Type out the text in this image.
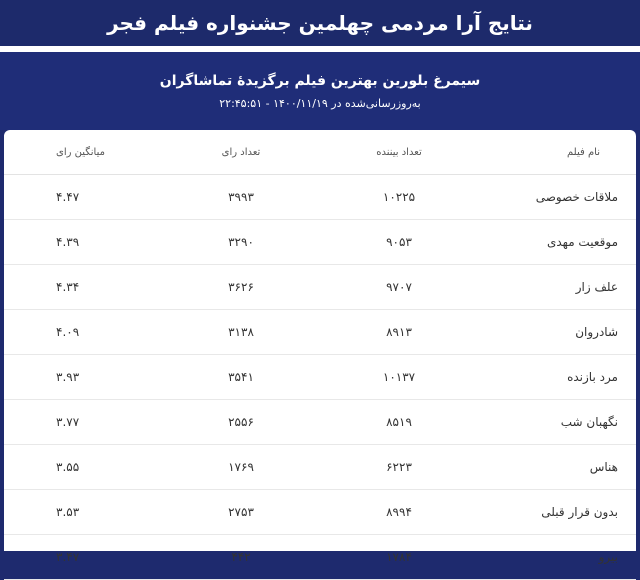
نتایج آرا مردمی چهلمین جشنواره فیلم فجر
سیمرغ بلورین بهترین فیلم برگزیدهٔ تماشاگران
به‌روزرسانی‌شده در ۱۴۰۰/۱۱/۱۹ - ۲۲:۴۵:۵۱
نام فیلم	تعداد بیننده	تعداد رای	میانگین رای
ملاقات خصوصی	۱۰۲۲۵	۳۹۹۳	۴.۴۷
موقعیت مهدی	۹۰۵۳	۳۲۹۰	۴.۳۹
علف زار	۹۷۰۷	۳۶۲۶	۴.۳۴
شادروان	۸۹۱۳	۳۱۳۸	۴.۰۹
مرد بازنده	۱۰۱۳۷	۳۵۴۱	۳.۹۳
نگهبان شب	۸۵۱۹	۲۵۵۶	۳.۷۷
هناس	۶۲۲۳	۱۷۶۹	۳.۵۵
بدون قرار قبلی	۸۹۹۴	۲۷۵۳	۳.۵۳
بیرو	۱۷۸۴	۴۴۲	۳.۴۷
